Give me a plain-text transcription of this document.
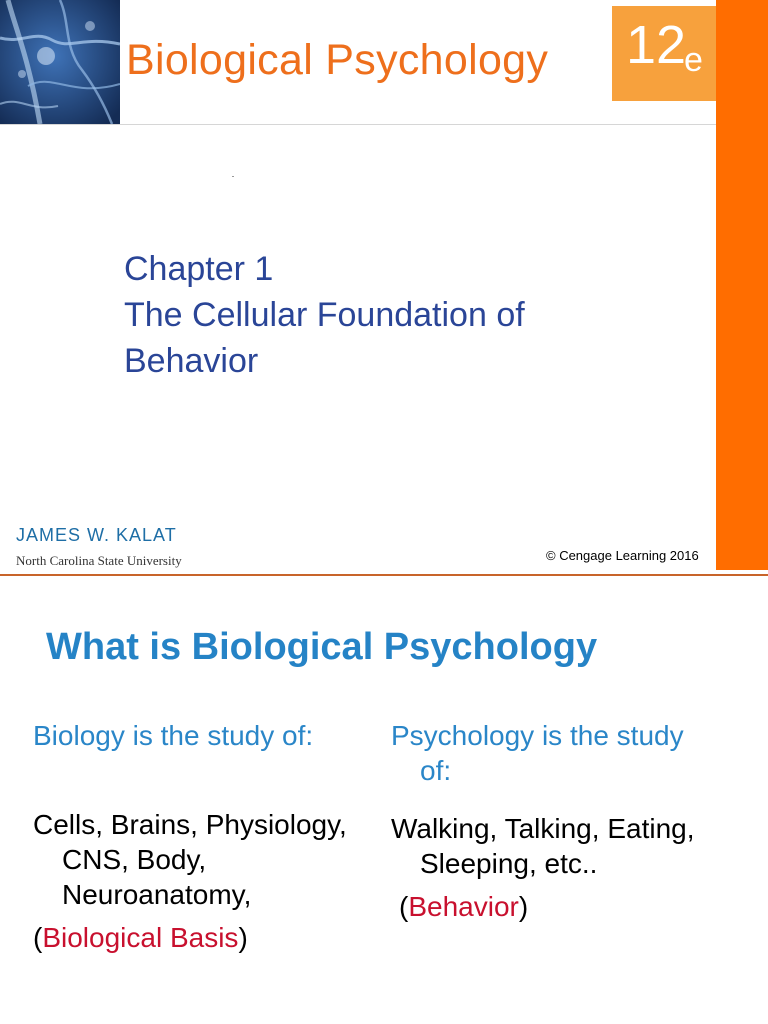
Biological Psychology 12
e
Chapter 1
The Cellular Foundation of
Behavior
JAMES W. KALAT
North Carolina State University	© Cengage Learning 2016
What is Biological Psychology
Biology is the study of:
Cells, Brains, Physiology, CNS, Body, Neuroanatomy,
(Biological Basis)
Psychology is the study of:
Walking, Talking, Eating, Sleeping, etc..
(Behavior)
